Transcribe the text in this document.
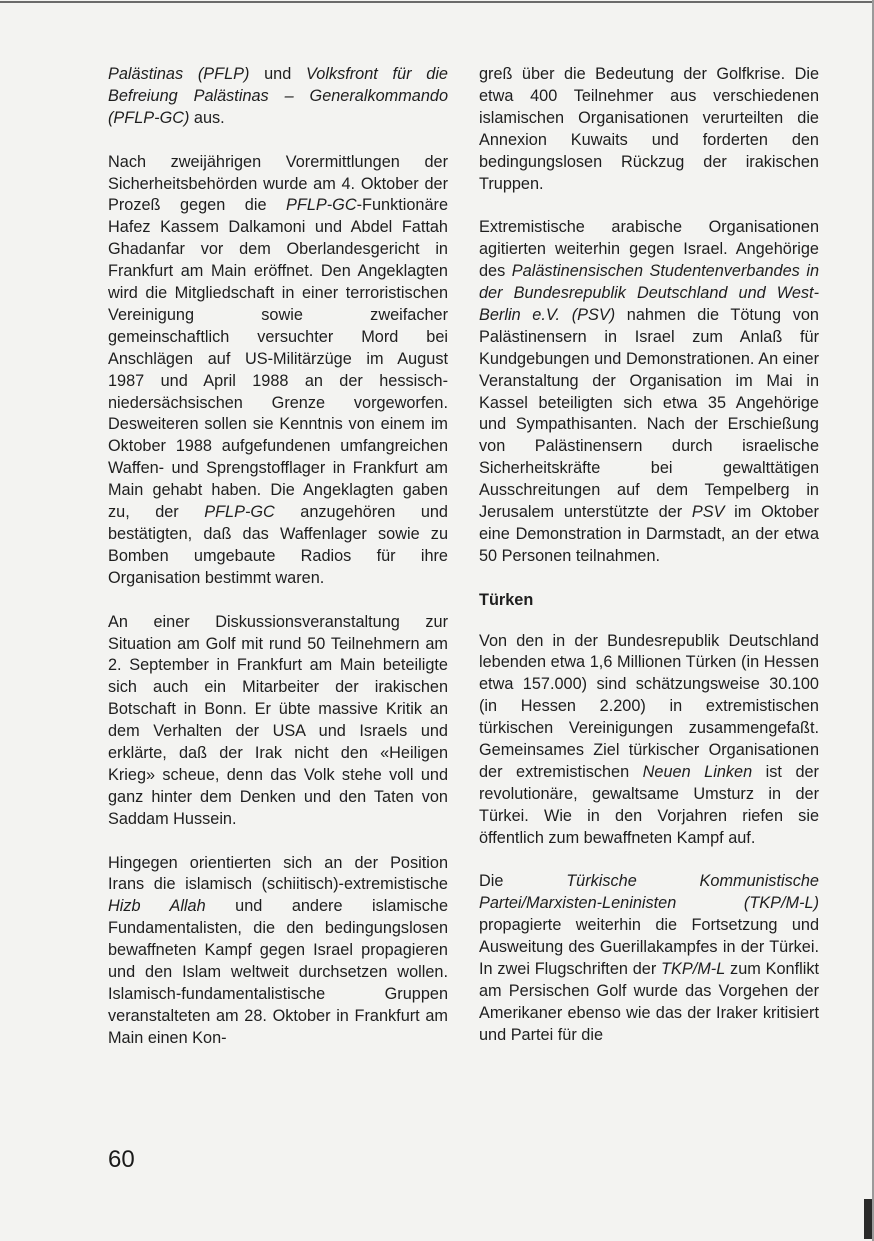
Palästinas (PFLP) und Volksfront für die Befreiung Palästinas – Generalkommando (PFLP-GC) aus.

Nach zweijährigen Vorermittlungen der Sicherheitsbehörden wurde am 4. Oktober der Prozeß gegen die PFLP-GC-Funktionäre Hafez Kassem Dalkamoni und Abdel Fattah Ghadanfar vor dem Oberlandesgericht in Frankfurt am Main eröffnet. Den Angeklagten wird die Mitgliedschaft in einer terroristischen Vereinigung sowie zweifacher gemeinschaftlich versuchter Mord bei Anschlägen auf US-Militärzüge im August 1987 und April 1988 an der hessisch-niedersächsischen Grenze vorgeworfen. Desweiteren sollen sie Kenntnis von einem im Oktober 1988 aufgefundenen umfangreichen Waffen- und Sprengstofflager in Frankfurt am Main gehabt haben. Die Angeklagten gaben zu, der PFLP-GC anzugehören und bestätigten, daß das Waffenlager sowie zu Bomben umgebaute Radios für ihre Organisation bestimmt waren.

An einer Diskussionsveranstaltung zur Situation am Golf mit rund 50 Teilnehmern am 2. September in Frankfurt am Main beteiligte sich auch ein Mitarbeiter der irakischen Botschaft in Bonn. Er übte massive Kritik an dem Verhalten der USA und Israels und erklärte, daß der Irak nicht den «Heiligen Krieg» scheue, denn das Volk stehe voll und ganz hinter dem Denken und den Taten von Saddam Hussein.

Hingegen orientierten sich an der Position Irans die islamisch (schiitisch)-extremistische Hizb Allah und andere islamische Fundamentalisten, die den bedingungslosen bewaffneten Kampf gegen Israel propagieren und den Islam weltweit durchsetzen wollen. Islamisch-fundamentalistische Gruppen veranstalteten am 28. Oktober in Frankfurt am Main einen Kon-

greß über die Bedeutung der Golfkrise. Die etwa 400 Teilnehmer aus verschiedenen islamischen Organisationen verurteilten die Annexion Kuwaits und forderten den bedingungslosen Rückzug der irakischen Truppen.

Extremistische arabische Organisationen agitierten weiterhin gegen Israel. Angehörige des Palästinensischen Studentenverbandes in der Bundesrepublik Deutschland und West-Berlin e.V. (PSV) nahmen die Tötung von Palästinensern in Israel zum Anlaß für Kundgebungen und Demonstrationen. An einer Veranstaltung der Organisation im Mai in Kassel beteiligten sich etwa 35 Angehörige und Sympathisanten. Nach der Erschießung von Palästinensern durch israelische Sicherheitskräfte bei gewalttätigen Ausschreitungen auf dem Tempelberg in Jerusalem unterstützte der PSV im Oktober eine Demonstration in Darmstadt, an der etwa 50 Personen teilnahmen.

Türken

Von den in der Bundesrepublik Deutschland lebenden etwa 1,6 Millionen Türken (in Hessen etwa 157.000) sind schätzungsweise 30.100 (in Hessen 2.200) in extremistischen türkischen Vereinigungen zusammengefaßt. Gemeinsames Ziel türkischer Organisationen der extremistischen Neuen Linken ist der revolutionäre, gewaltsame Umsturz in der Türkei. Wie in den Vorjahren riefen sie öffentlich zum bewaffneten Kampf auf.

Die Türkische Kommunistische Partei/Marxisten-Leninisten (TKP/M-L) propagierte weiterhin die Fortsetzung und Ausweitung des Guerillakampfes in der Türkei. In zwei Flugschriften der TKP/M-L zum Konflikt am Persischen Golf wurde das Vorgehen der Amerikaner ebenso wie das der Iraker kritisiert und Partei für die

60
